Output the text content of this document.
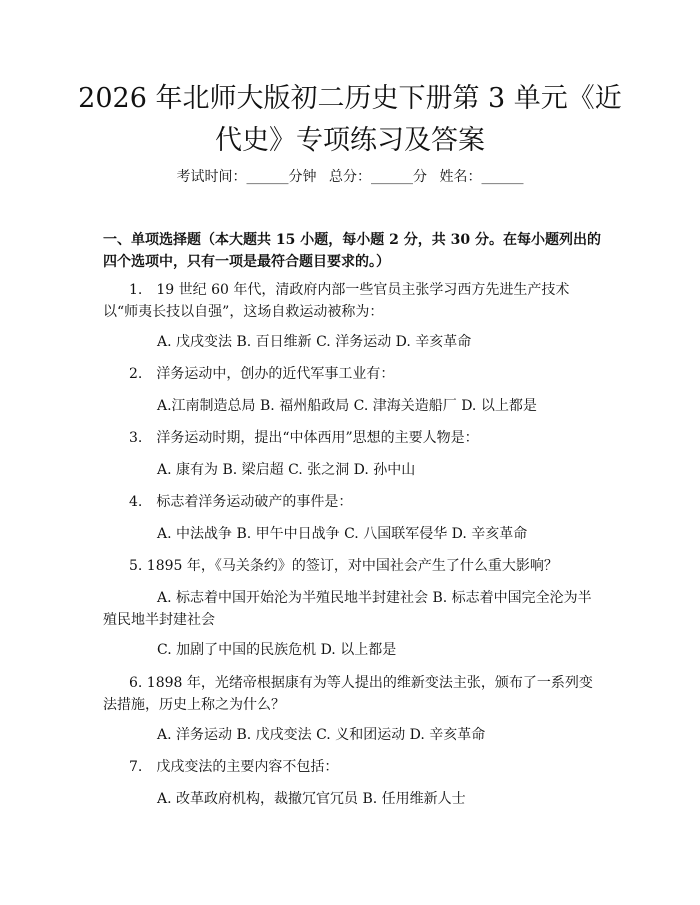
2026 年北师大版初二历史下册第 3 单元《近
代史》专项练习及答案
考试时间：______分钟 总分：______分 姓名：______
一、单项选择题（本大题共 15 小题，每小题 2 分，共 30 分。在每小题列出的四个选项中，只有一项是最符合题目要求的。）
1.　19 世纪 60 年代，清政府内部一些官员主张学习西方先进生产技术以“师夷长技以自强”，这场自救运动被称为：
A. 戊戌变法 B. 百日维新 C. 洋务运动 D. 辛亥革命
2.　洋务运动中，创办的近代军事工业有：
A.江南制造总局 B. 福州船政局 C. 津海关造船厂 D. 以上都是
3.　洋务运动时期，提出“中体西用”思想的主要人物是：
A. 康有为 B. 梁启超 C. 张之洞 D. 孙中山
4.　标志着洋务运动破产的事件是：
A. 中法战争 B. 甲午中日战争 C. 八国联军侵华 D. 辛亥革命
5. 1895 年，《马关条约》的签订，对中国社会产生了什么重大影响？
A. 标志着中国开始沦为半殖民地半封建社会 B. 标志着中国完全沦为半殖民地半封建社会
C. 加剧了中国的民族危机 D. 以上都是
6. 1898 年，光绪帝根据康有为等人提出的维新变法主张，颁布了一系列变法措施，历史上称之为什么？
A. 洋务运动 B. 戊戌变法 C. 义和团运动 D. 辛亥革命
7.　戊戌变法的主要内容不包括：
A. 改革政府机构，裁撤冗官冗员 B. 任用维新人士
